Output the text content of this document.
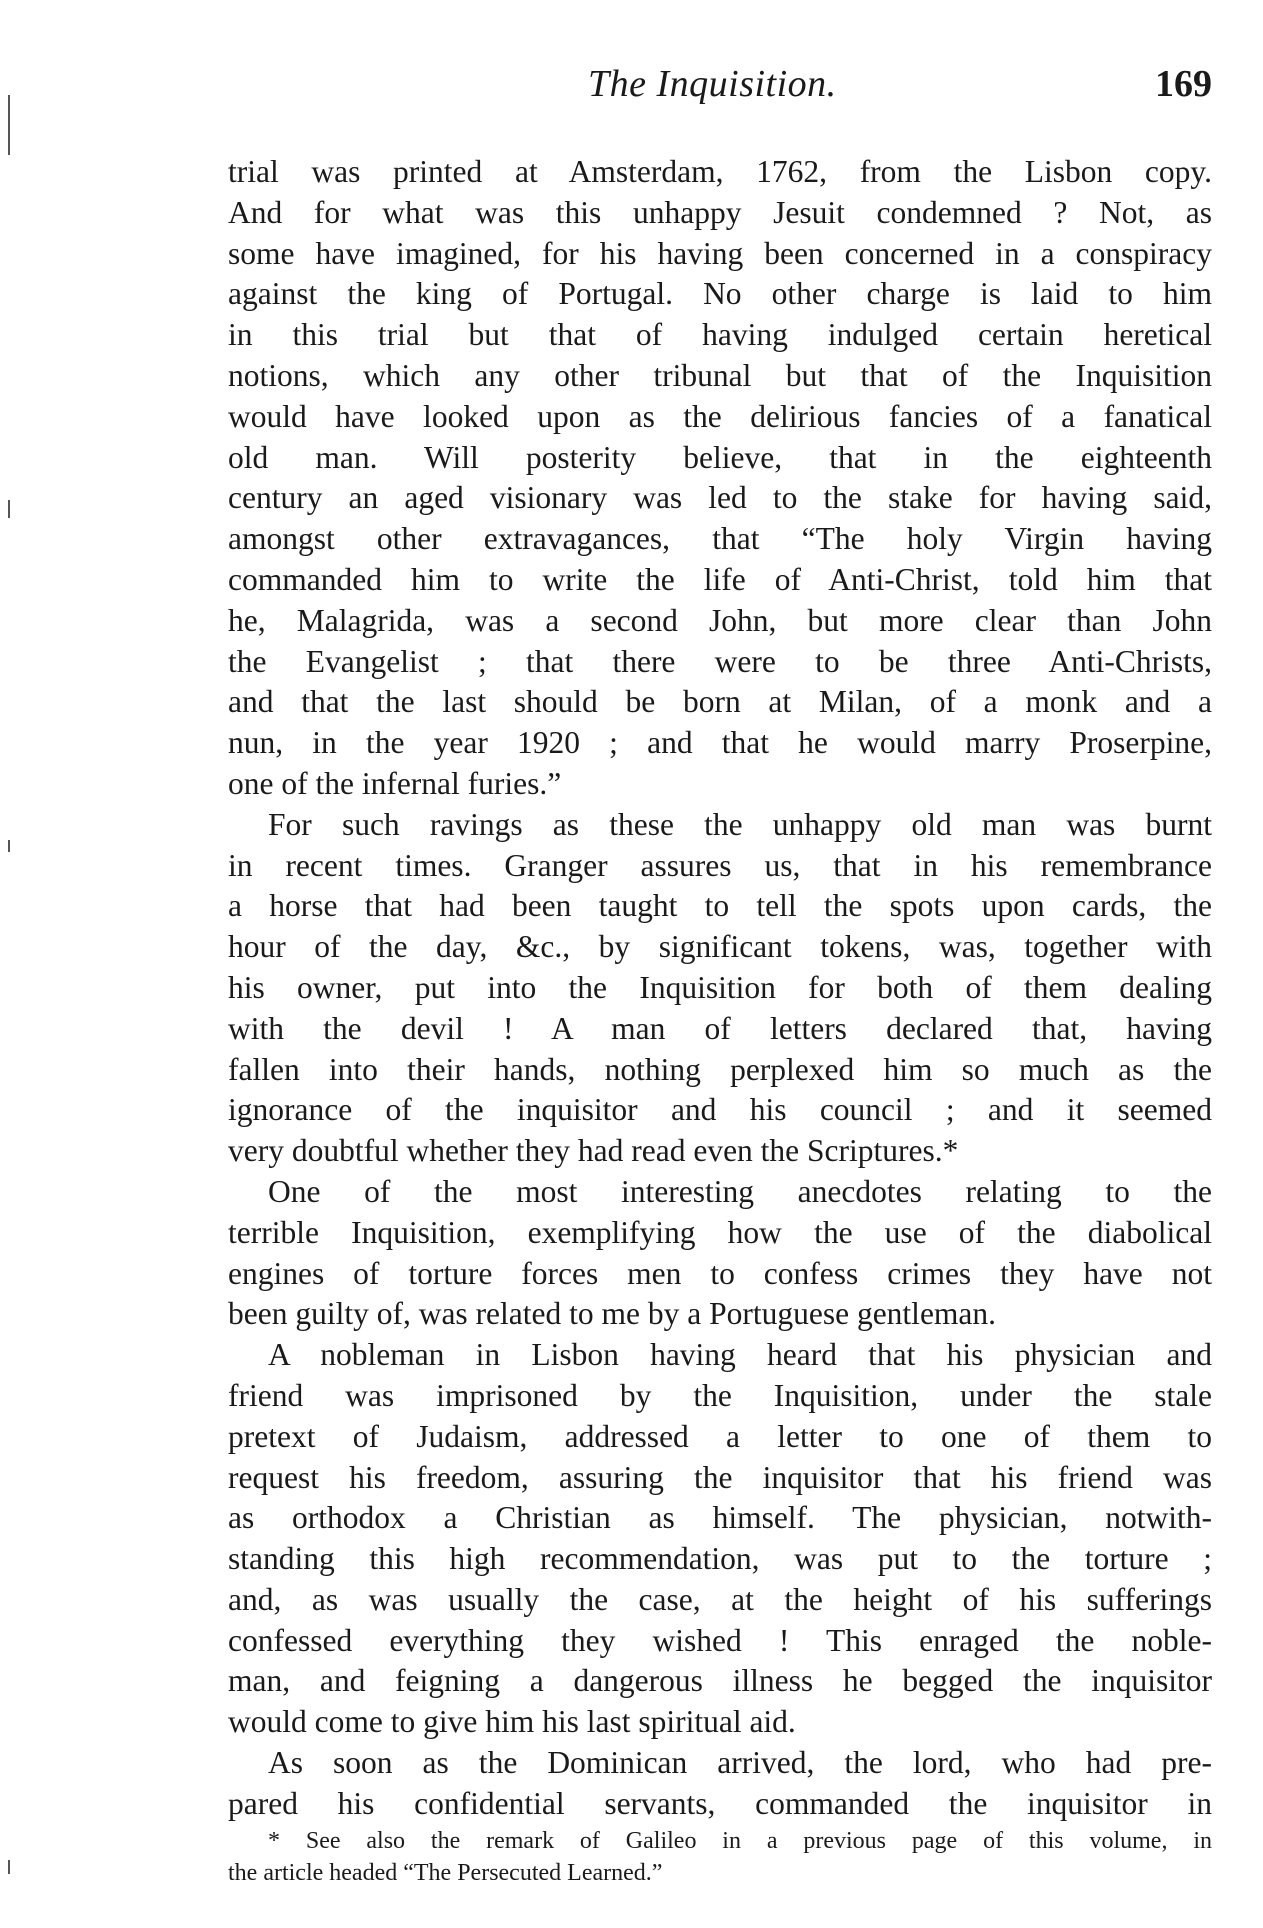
The Inquisition.	169
trial was printed at Amsterdam, 1762, from the Lisbon copy.
And for what was this unhappy Jesuit condemned ? Not, as
some have imagined, for his having been concerned in a conspiracy
against the king of Portugal. No other charge is laid to him
in this trial but that of having indulged certain heretical
notions, which any other tribunal but that of the Inquisition
would have looked upon as the delirious fancies of a fanatical
old man. Will posterity believe, that in the eighteenth
century an aged visionary was led to the stake for having said,
amongst other extravagances, that “The holy Virgin having
commanded him to write the life of Anti-Christ, told him that
he, Malagrida, was a second John, but more clear than John
the Evangelist ; that there were to be three Anti-Christs,
and that the last should be born at Milan, of a monk and a
nun, in the year 1920 ; and that he would marry Proserpine,
one of the infernal furies.”
For such ravings as these the unhappy old man was burnt
in recent times. Granger assures us, that in his remembrance
a horse that had been taught to tell the spots upon cards, the
hour of the day, &c., by significant tokens, was, together with
his owner, put into the Inquisition for both of them dealing
with the devil ! A man of letters declared that, having
fallen into their hands, nothing perplexed him so much as the
ignorance of the inquisitor and his council ; and it seemed
very doubtful whether they had read even the Scriptures.*
One of the most interesting anecdotes relating to the
terrible Inquisition, exemplifying how the use of the diabolical
engines of torture forces men to confess crimes they have not
been guilty of, was related to me by a Portuguese gentleman.
A nobleman in Lisbon having heard that his physician and
friend was imprisoned by the Inquisition, under the stale
pretext of Judaism, addressed a letter to one of them to
request his freedom, assuring the inquisitor that his friend was
as orthodox a Christian as himself. The physician, notwith-
standing this high recommendation, was put to the torture ;
and, as was usually the case, at the height of his sufferings
confessed everything they wished ! This enraged the noble-
man, and feigning a dangerous illness he begged the inquisitor
would come to give him his last spiritual aid.
As soon as the Dominican arrived, the lord, who had pre-
pared his confidential servants, commanded the inquisitor in
* See also the remark of Galileo in a previous page of this volume, in
the article headed “The Persecuted Learned.”
